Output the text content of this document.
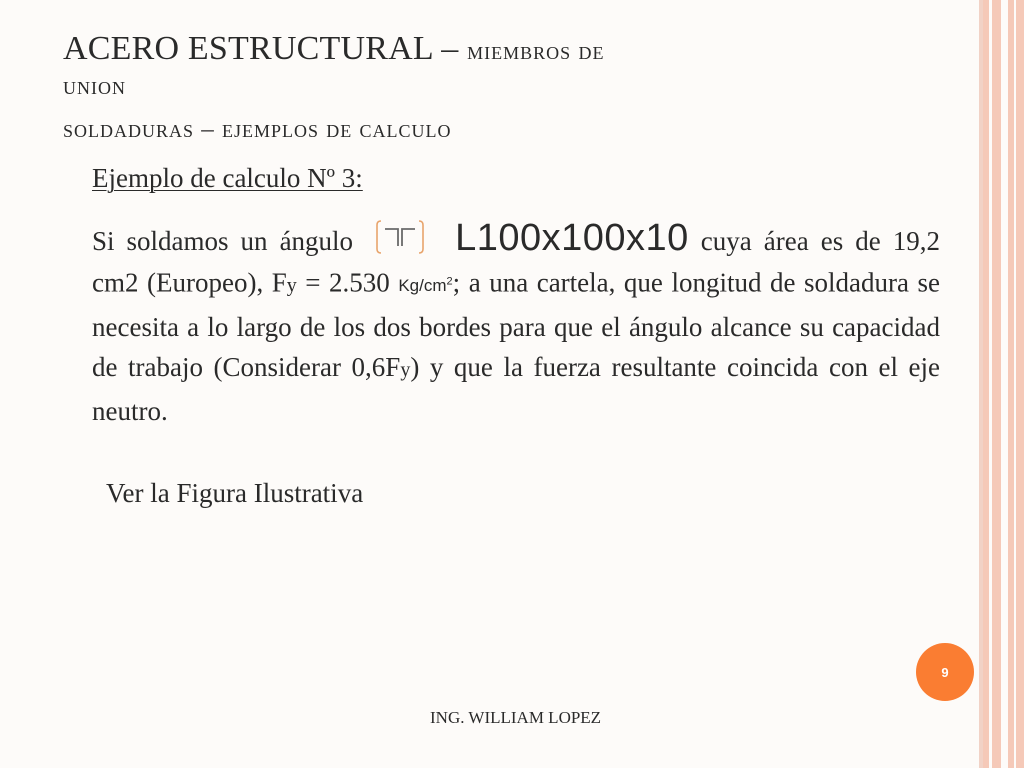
ACERO ESTRUCTURAL – miembros de
union
soldaduras – ejemplos de calculo
Ejemplo de calculo Nº 3:

Si soldamos un ángulo	L100x100x10 cuya área es de 19,2 cm2 (Europeo), Fy = 2.530 $Kg/cm^2$; a una cartela, que longitud de soldadura se necesita a lo largo de los dos bordes para que el ángulo alcance su capacidad de trabajo (Considerar 0,6Fy) y que la fuerza resultante coincida con el eje neutro.

Ver la Figura Ilustrativa
9
ING. WILLIAM LOPEZ
